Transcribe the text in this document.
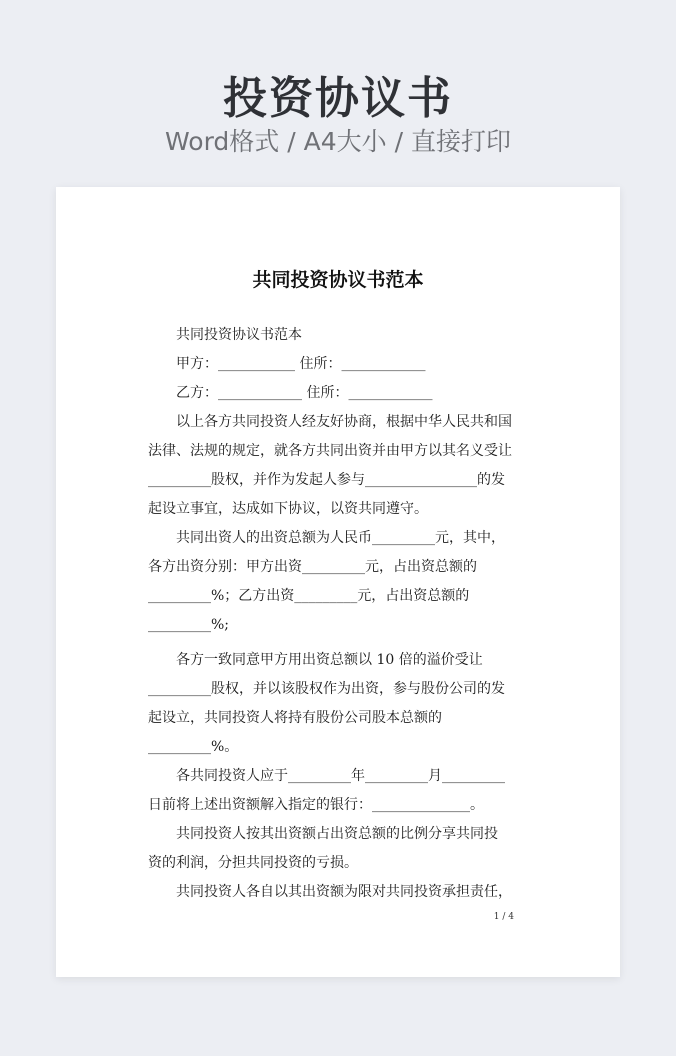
投资协议书
Word格式 / A4大小 / 直接打印
共同投资协议书范本
共同投资协议书范本
甲方：___________ 住所：____________
乙方：____________ 住所：____________
以上各方共同投资人经友好协商，根据中华人民共和国
法律、法规的规定，就各方共同出资并由甲方以其名义受让
_________股权，并作为发起人参与________________的发
起设立事宜，达成如下协议，以资共同遵守。
共同出资人的出资总额为人民币_________元，其中，
各方出资分别：甲方出资_________元，占出资总额的
_________%；乙方出资_________元，占出资总额的
_________%;
各方一致同意甲方用出资总额以 10 倍的溢价受让
_________股权，并以该股权作为出资，参与股份公司的发
起设立，共同投资人将持有股份公司股本总额的
_________%。
各共同投资人应于_________年_________月_________
日前将上述出资额解入指定的银行：______________。
共同投资人按其出资额占出资总额的比例分享共同投
资的利润，分担共同投资的亏损。
共同投资人各自以其出资额为限对共同投资承担责任，
1 / 4
